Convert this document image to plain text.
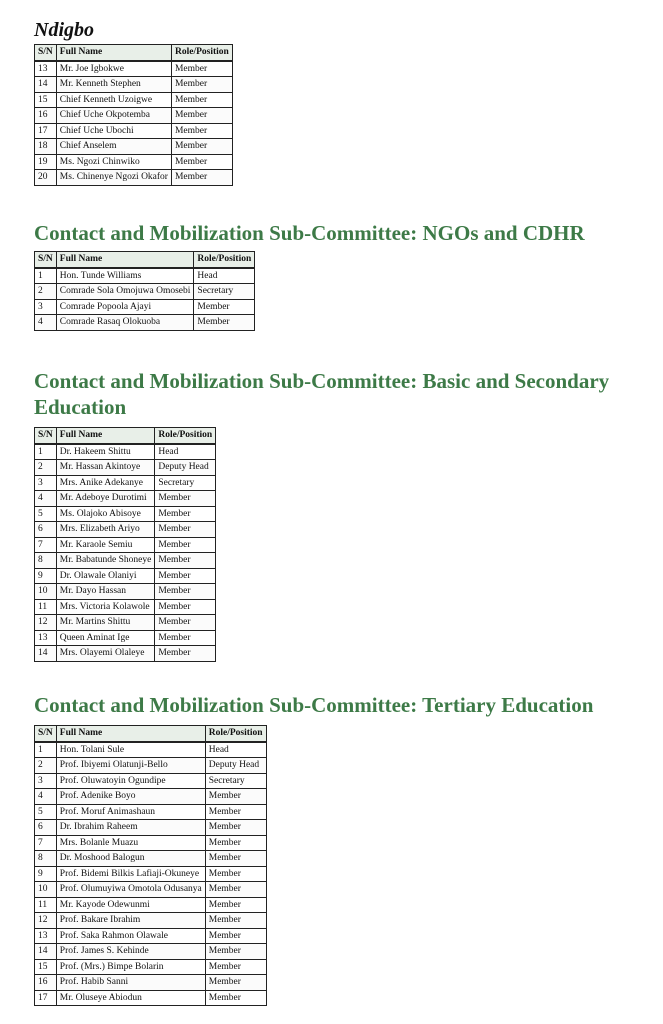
Ndigbo
S/N	Full Name	Role/Position
13	Mr. Joe Igbokwe	Member
14	Mr. Kenneth Stephen	Member
15	Chief Kenneth Uzoigwe	Member
16	Chief Uche Okpotemba	Member
17	Chief Uche Ubochi	Member
18	Chief Anselem	Member
19	Ms. Ngozi Chinwiko	Member
20	Ms. Chinenye Ngozi Okafor	Member
Contact and Mobilization Sub-Committee: NGOs and CDHR
S/N	Full Name	Role/Position
1	Hon. Tunde Williams	Head
2	Comrade Sola Omojuwa Omosebi	Secretary
3	Comrade Popoola Ajayi	Member
4	Comrade Rasaq Olokuoba	Member
Contact and Mobilization Sub-Committee: Basic and Secondary Education
S/N	Full Name	Role/Position
1	Dr. Hakeem Shittu	Head
2	Mr. Hassan Akintoye	Deputy Head
3	Mrs. Anike Adekanye	Secretary
4	Mr. Adeboye Durotimi	Member
5	Ms. Olajoko Abisoye	Member
6	Mrs. Elizabeth Ariyo	Member
7	Mr. Karaole Semiu	Member
8	Mr. Babatunde Shoneye	Member
9	Dr. Olawale Olaniyi	Member
10	Mr. Dayo Hassan	Member
11	Mrs. Victoria Kolawole	Member
12	Mr. Martins Shittu	Member
13	Queen Aminat Ige	Member
14	Mrs. Olayemi Olaleye	Member
Contact and Mobilization Sub-Committee: Tertiary Education
S/N	Full Name	Role/Position
1	Hon. Tolani Sule	Head
2	Prof. Ibiyemi Olatunji-Bello	Deputy Head
3	Prof. Oluwatoyin Ogundipe	Secretary
4	Prof. Adenike Boyo	Member
5	Prof. Moruf Animashaun	Member
6	Dr. Ibrahim Raheem	Member
7	Mrs. Bolanle Muazu	Member
8	Dr. Moshood Balogun	Member
9	Prof. Bidemi Bilkis Lafiaji-Okuneye	Member
10	Prof. Olumuyiwa Omotola Odusanya	Member
11	Mr. Kayode Odewunmi	Member
12	Prof. Bakare Ibrahim	Member
13	Prof. Saka Rahmon Olawale	Member
14	Prof. James S. Kehinde	Member
15	Prof. (Mrs.) Bimpe Bolarin	Member
16	Prof. Habib Sanni	Member
17	Mr. Oluseye Abiodun	Member
